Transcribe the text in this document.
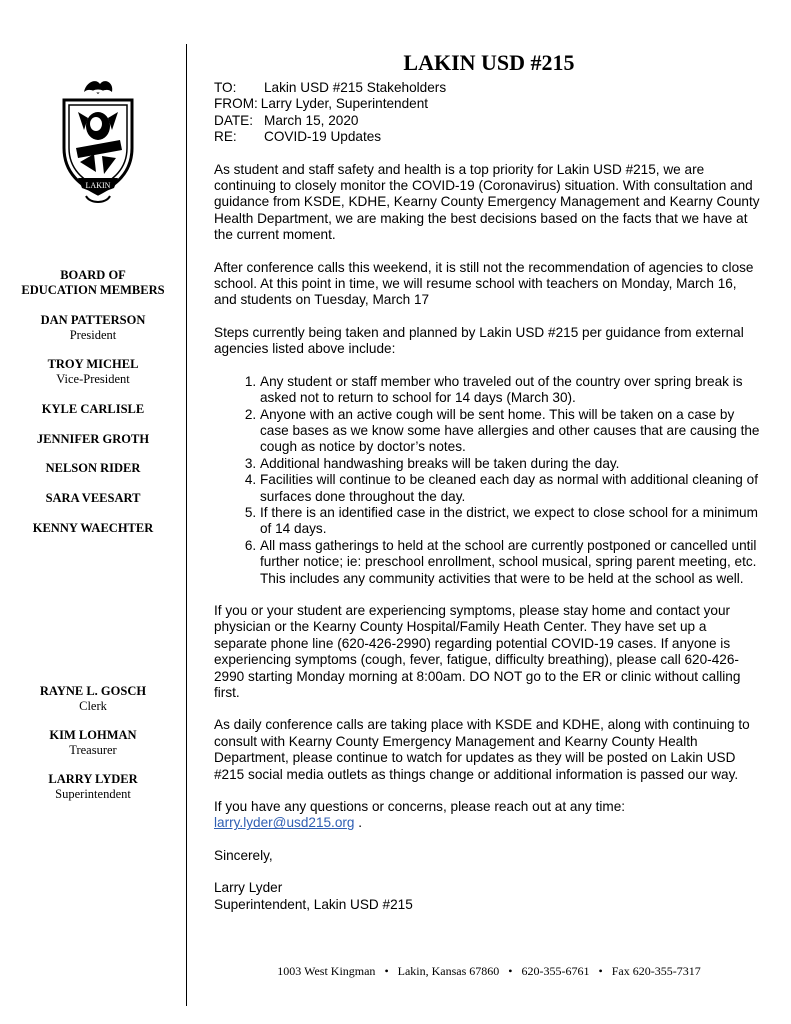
LAKIN
BOARD OF
EDUCATION MEMBERS
DAN PATTERSON
President
TROY MICHEL
Vice-President
KYLE CARLISLE
JENNIFER GROTH
NELSON RIDER
SARA VEESART
KENNY WAECHTER
RAYNE L. GOSCH
Clerk
KIM LOHMAN
Treasurer
LARRY LYDER
Superintendent
LAKIN USD #215
TO:	Lakin USD #215 Stakeholders
FROM: Larry Lyder, Superintendent
DATE: March 15, 2020
RE:	COVID-19 Updates

As student and staff safety and health is a top priority for Lakin USD #215, we are continuing to closely monitor the COVID-19 (Coronavirus) situation. With consultation and guidance from KSDE, KDHE, Kearny County Emergency Management and Kearny County Health Department, we are making the best decisions based on the facts that we have at the current moment.

After conference calls this weekend, it is still not the recommendation of agencies to close school. At this point in time, we will resume school with teachers on Monday, March 16, and students on Tuesday, March 17

Steps currently being taken and planned by Lakin USD #215 per guidance from external agencies listed above include:

1. Any student or staff member who traveled out of the country over spring break is asked not to return to school for 14 days (March 30).
2. Anyone with an active cough will be sent home. This will be taken on a case by case bases as we know some have allergies and other causes that are causing the cough as notice by doctor’s notes.
3. Additional handwashing breaks will be taken during the day.
4. Facilities will continue to be cleaned each day as normal with additional cleaning of surfaces done throughout the day.
5. If there is an identified case in the district, we expect to close school for a minimum of 14 days.
6. All mass gatherings to held at the school are currently postponed or cancelled until further notice; ie: preschool enrollment, school musical, spring parent meeting, etc. This includes any community activities that were to be held at the school as well.

If you or your student are experiencing symptoms, please stay home and contact your physician or the Kearny County Hospital/Family Heath Center. They have set up a separate phone line (620-426-2990) regarding potential COVID-19 cases. If anyone is experiencing symptoms (cough, fever, fatigue, difficulty breathing), please call 620-426-2990 starting Monday morning at 8:00am. DO NOT go to the ER or clinic without calling first.

As daily conference calls are taking place with KSDE and KDHE, along with continuing to consult with Kearny County Emergency Management and Kearny County Health Department, please continue to watch for updates as they will be posted on Lakin USD #215 social media outlets as things change or additional information is passed our way.

If you have any questions or concerns, please reach out at any time:
larry.lyder@usd215.org .

Sincerely,

Larry Lyder
Superintendent, Lakin USD #215
1003 West Kingman • Lakin, Kansas 67860 • 620-355-6761 • Fax 620-355-7317
